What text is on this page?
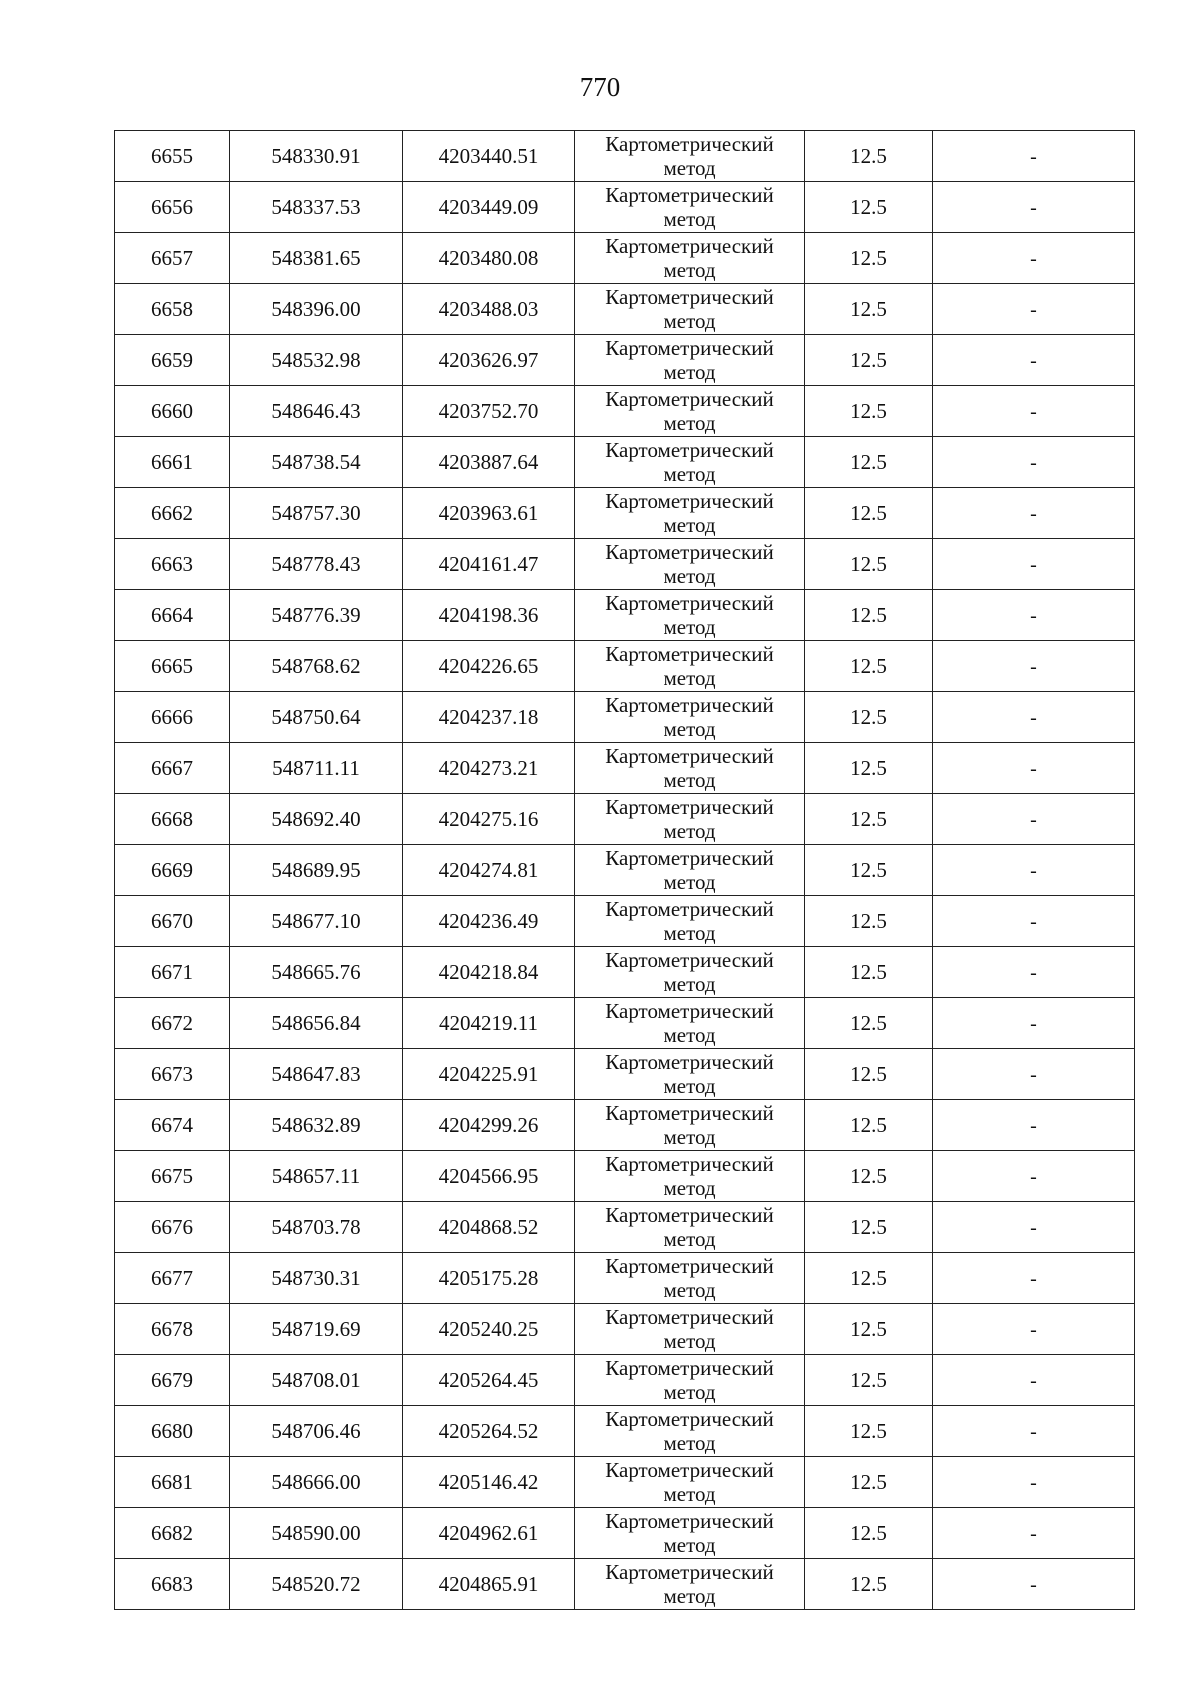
770
6655	548330.91	4203440.51	Картометрический
метод	12.5	-
6656	548337.53	4203449.09	Картометрический
метод	12.5	-
6657	548381.65	4203480.08	Картометрический
метод	12.5	-
6658	548396.00	4203488.03	Картометрический
метод	12.5	-
6659	548532.98	4203626.97	Картометрический
метод	12.5	-
6660	548646.43	4203752.70	Картометрический
метод	12.5	-
6661	548738.54	4203887.64	Картометрический
метод	12.5	-
6662	548757.30	4203963.61	Картометрический
метод	12.5	-
6663	548778.43	4204161.47	Картометрический
метод	12.5	-
6664	548776.39	4204198.36	Картометрический
метод	12.5	-
6665	548768.62	4204226.65	Картометрический
метод	12.5	-
6666	548750.64	4204237.18	Картометрический
метод	12.5	-
6667	548711.11	4204273.21	Картометрический
метод	12.5	-
6668	548692.40	4204275.16	Картометрический
метод	12.5	-
6669	548689.95	4204274.81	Картометрический
метод	12.5	-
6670	548677.10	4204236.49	Картометрический
метод	12.5	-
6671	548665.76	4204218.84	Картометрический
метод	12.5	-
6672	548656.84	4204219.11	Картометрический
метод	12.5	-
6673	548647.83	4204225.91	Картометрический
метод	12.5	-
6674	548632.89	4204299.26	Картометрический
метод	12.5	-
6675	548657.11	4204566.95	Картометрический
метод	12.5	-
6676	548703.78	4204868.52	Картометрический
метод	12.5	-
6677	548730.31	4205175.28	Картометрический
метод	12.5	-
6678	548719.69	4205240.25	Картометрический
метод	12.5	-
6679	548708.01	4205264.45	Картометрический
метод	12.5	-
6680	548706.46	4205264.52	Картометрический
метод	12.5	-
6681	548666.00	4205146.42	Картометрический
метод	12.5	-
6682	548590.00	4204962.61	Картометрический
метод	12.5	-
6683	548520.72	4204865.91	Картометрический
метод	12.5	-
